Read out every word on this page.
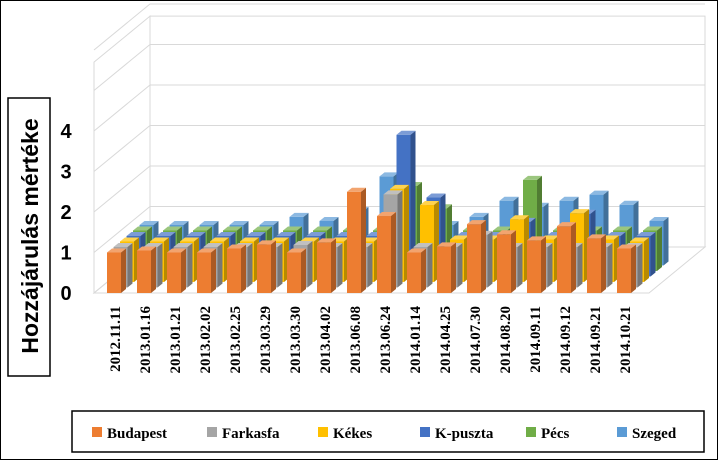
0
1
2
3
4
2012.11.11 2013.01.16 2013.01.21 2013.02.02 2013.02.25 2013.03.29 2013.03.30 2013.04.02 2013.06.08 2013.06.24 2014.01.14 2014.04.25 2014.07.30 2014.08.20 2014.09.11 2014.09.12 2014.09.21 2014.10.21
Hozzájárulás mértéke
Budapest	Farkasfa	Kékes	K-puszta	Pécs	Szeged
